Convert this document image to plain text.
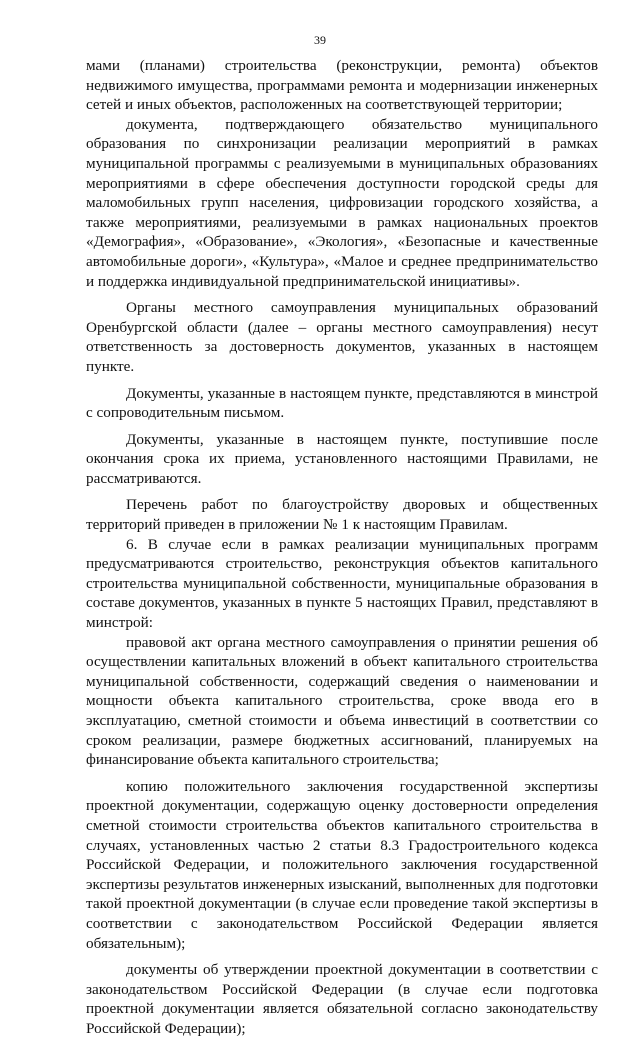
39

мами (планами) строительства (реконструкции, ремонта) объектов недвижимого имущества, программами ремонта и модернизации инженерных сетей и иных объектов, расположенных на соответствующей территории;

документа, подтверждающего обязательство муниципального образования по синхронизации реализации мероприятий в рамках муниципальной программы с реализуемыми в муниципальных образованиях мероприятиями в сфере обеспечения доступности городской среды для маломобильных групп населения, цифровизации городского хозяйства, а также мероприятиями, реализуемыми в рамках национальных проектов «Демография», «Образование», «Экология», «Безопасные и качественные автомобильные дороги», «Культура», «Малое и среднее предпринимательство и поддержка индивидуальной предпринимательской инициативы».

Органы местного самоуправления муниципальных образований Оренбургской области (далее – органы местного самоуправления) несут ответственность за достоверность документов, указанных в настоящем пункте.

Документы, указанные в настоящем пункте, представляются в минстрой с сопроводительным письмом.

Документы, указанные в настоящем пункте, поступившие после окончания срока их приема, установленного настоящими Правилами, не рассматриваются.

Перечень работ по благоустройству дворовых и общественных территорий приведен в приложении № 1 к настоящим Правилам.

6. В случае если в рамках реализации муниципальных программ предусматриваются строительство, реконструкция объектов капитального строительства муниципальной собственности, муниципальные образования в составе документов, указанных в пункте 5 настоящих Правил, представляют в минстрой:

правовой акт органа местного самоуправления о принятии решения об осуществлении капитальных вложений в объект капитального строительства муниципальной собственности, содержащий сведения о наименовании и мощности объекта капитального строительства, сроке ввода его в эксплуатацию, сметной стоимости и объема инвестиций в соответствии со сроком реализации, размере бюджетных ассигнований, планируемых на финансирование объекта капитального строительства;

копию положительного заключения государственной экспертизы проектной документации, содержащую оценку достоверности определения сметной стоимости строительства объектов капитального строительства в случаях, установленных частью 2 статьи 8.3 Градостроительного кодекса Российской Федерации, и положительного заключения государственной экспертизы результатов инженерных изысканий, выполненных для подготовки такой проектной документации (в случае если проведение такой экспертизы в соответствии с законодательством Российской Федерации является обязательным);

документы об утверждении проектной документации в соответствии с законодательством Российской Федерации (в случае если подготовка проектной документации является обязательной согласно законодательству Российской Федерации);
